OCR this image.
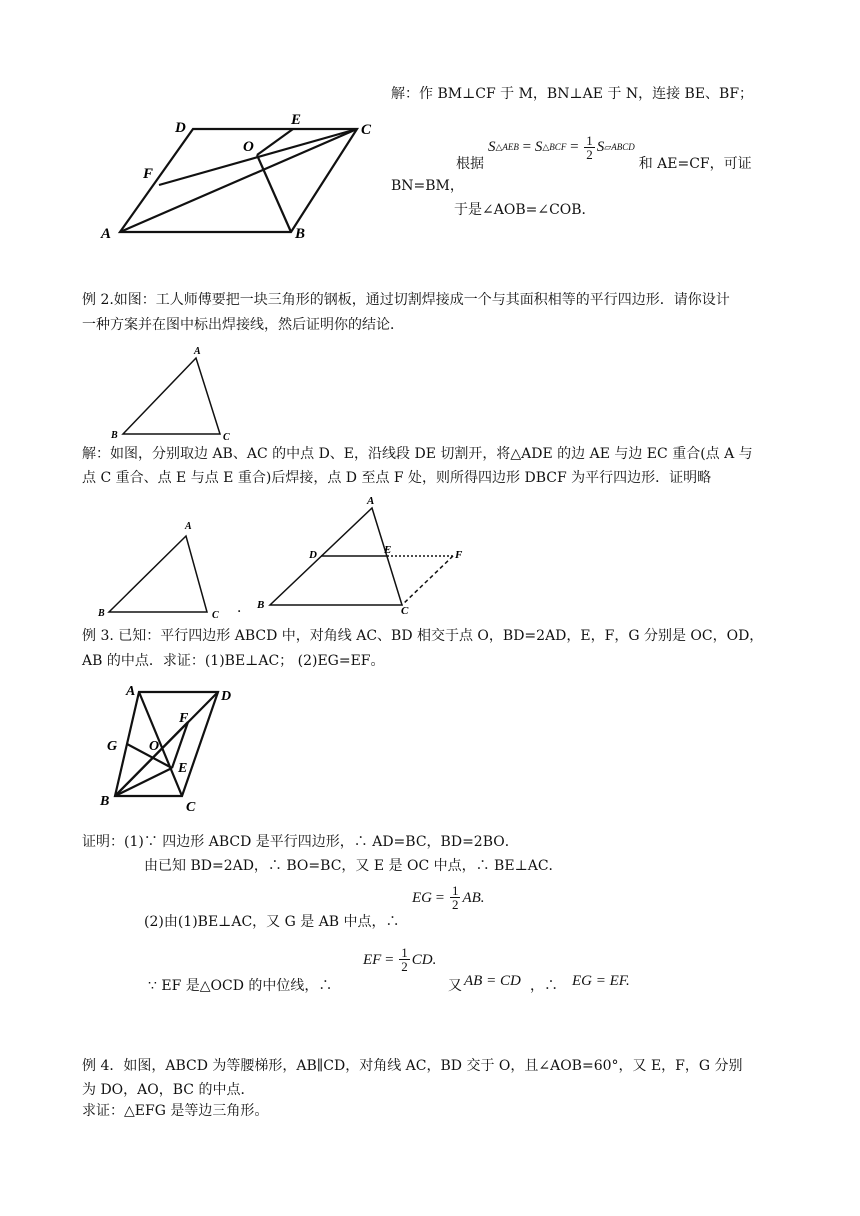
A	B
C
D	E
F
O
解：作 BM⊥CF 于 M，BN⊥AE 于 N，连接 BE、BF；
根据
S △AEB = S △BCF = $\frac{1}{2}$ S ▱ABCD
和 AE=CF，可证
BN=BM，
于是∠AOB=∠COB．
例 2.如图：工人师傅要把一块三角形的钢板，通过切割焊接成一个与其面积相等的平行四边形．请你设计
一种方案并在图中标出焊接线，然后证明你的结论．
A
B	C
解：如图，分别取边 AB、AC 的中点 D、E，沿线段 DE 切割开，将△ADE 的边 AE 与边 EC 重合(点 A 与
点 C 重合、点 E 与点 E 重合)后焊接，点 D 至点 F 处，则所得四边形 DBCF 为平行四边形．证明略
A
B	C ．
A
B	C
D	E	F
例 3. 已知：平行四边形 ABCD 中，对角线 AC、BD 相交于点 O，BD=2AD，E，F，G 分别是 OC，OD，
AB 的中点．求证：(1)BE⊥AC； (2)EG=EF。
A
B	C
D
E
F
G O
证明：(1)∵ 四边形 ABCD 是平行四边形，∴ AD=BC，BD=2BO．
由已知 BD=2AD，∴ BO=BC，又 E 是 OC 中点，∴ BE⊥AC．
(2)由(1)BE⊥AC，又 G 是 AB 中点，∴
EG = $\frac{1}{2}$ AB.
∵ EF 是△OCD 的中位线，∴
EF = $\frac{1}{2}$ CD.
又 AB = CD ，∴ EG = EF.
例 4．如图，ABCD 为等腰梯形，AB∥CD，对角线 AC，BD 交于 O，且∠AOB=60°，又 E，F，G 分别
为 DO，AO，BC 的中点．
求证：△EFG 是等边三角形。
